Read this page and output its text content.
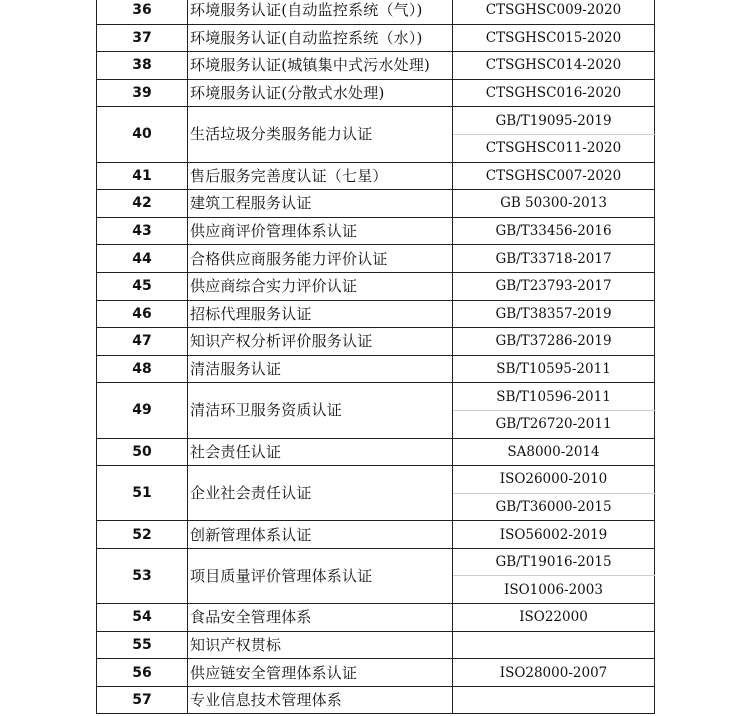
36	环境服务认证(自动监控系统（气）)	CTSGHSC009-2020
37	环境服务认证(自动监控系统（水）)	CTSGHSC015-2020
38	环境服务认证(城镇集中式污水处理)	CTSGHSC014-2020
39	环境服务认证(分散式水处理)	CTSGHSC016-2020
40	生活垃圾分类服务能力认证	GB/T19095-2019
		CTSGHSC011-2020
41	售后服务完善度认证（七星）	CTSGHSC007-2020
42	建筑工程服务认证	GB 50300-2013
43	供应商评价管理体系认证	GB/T33456-2016
44	合格供应商服务能力评价认证	GB/T33718-2017
45	供应商综合实力评价认证	GB/T23793-2017
46	招标代理服务认证	GB/T38357-2019
47	知识产权分析评价服务认证	GB/T37286-2019
48	清洁服务认证	SB/T10595-2011
49	清洁环卫服务资质认证	SB/T10596-2011
		GB/T26720-2011
50	社会责任认证	SA8000-2014
51	企业社会责任认证	ISO26000-2010
		GB/T36000-2015
52	创新管理体系认证	ISO56002-2019
53	项目质量评价管理体系认证	GB/T19016-2015
		ISO1006-2003
54	食品安全管理体系	ISO22000
55	知识产权贯标	
56	供应链安全管理体系认证	ISO28000-2007
57	专业信息技术管理体系	
